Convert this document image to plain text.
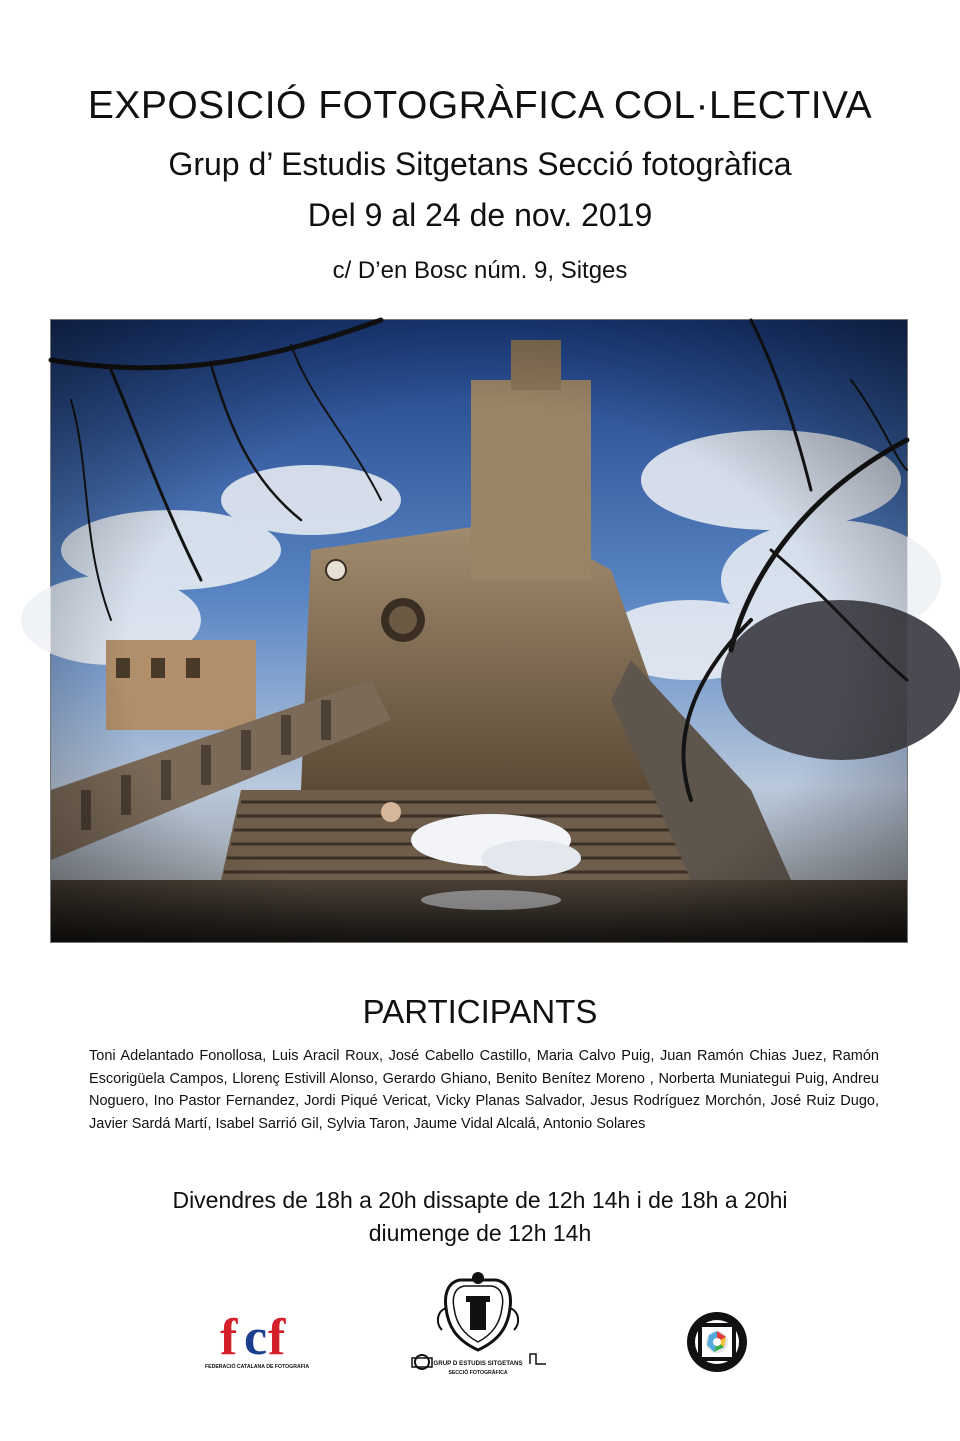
EXPOSICIÓ FOTOGRÀFICA COL·LECTIVA
Grup d’ Estudis Sitgetans Secció fotogràfica
Del 9 al 24 de nov. 2019
c/ D’en Bosc núm. 9, Sitges
PARTICIPANTS
Toni Adelantado Fonollosa, Luis Aracil Roux, José Cabello Castillo, Maria Calvo Puig, Juan Ramón Chias Juez, Ramón Escorigüela Campos, Llorenç Estivill Alonso, Gerardo Ghiano, Benito Benítez Moreno , Norberta Muniategui Puig, Andreu Noguero, Ino Pastor Fernandez, Jordi Piqué Vericat, Vicky Planas Salvador, Jesus Rodríguez Morchón, José Ruiz Dugo, Javier Sardá Martí, Isabel Sarrió Gil, Sylvia Taron, Jaume Vidal Alcalá, Antonio Solares
Divendres de 18h a 20h dissapte de 12h 14h i de 18h a 20hi
diumenge de 12h 14h
f c f
FEDERACIÓ CATALANA DE FOTOGRAFIA	GRUP D ESTUDIS SITGETANS
SECCIÓ FOTOGRÀFICA
